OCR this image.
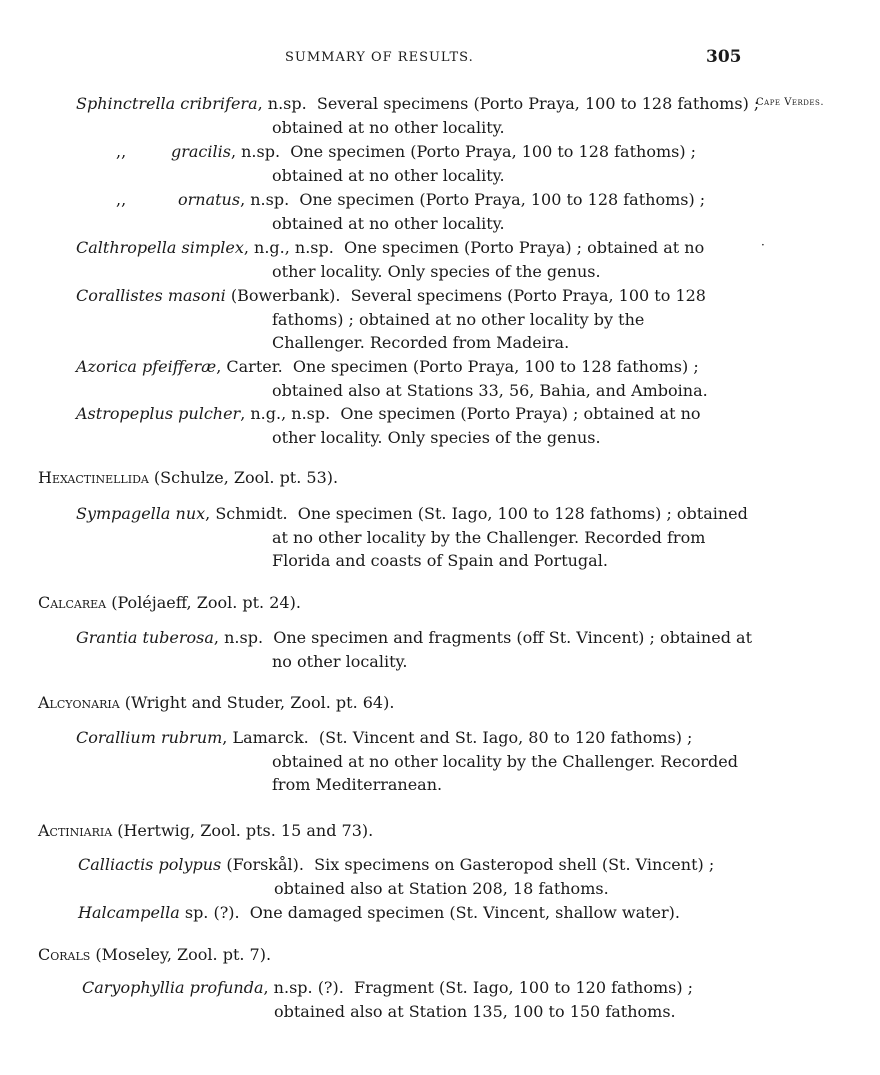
SUMMARY OF RESULTS.	305
Cape Verdes.
·
Sphinctrella cribrifera, n.sp. Several specimens (Porto Praya, 100 to 128 fathoms) ;
obtained at no other locality.
,,	gracilis, n.sp. One specimen (Porto Praya, 100 to 128 fathoms) ;
obtained at no other locality.
,,	ornatus, n.sp. One specimen (Porto Praya, 100 to 128 fathoms) ;
obtained at no other locality.
Calthropella simplex, n.g., n.sp. One specimen (Porto Praya) ; obtained at no
other locality. Only species of the genus.
Corallistes masoni (Bowerbank). Several specimens (Porto Praya, 100 to 128
fathoms) ; obtained at no other locality by the Challenger. Recorded from Madeira.
Azorica pfeifferæ, Carter. One specimen (Porto Praya, 100 to 128 fathoms) ;
obtained also at Stations 33, 56, Bahia, and Amboina.
Astropeplus pulcher, n.g., n.sp. One specimen (Porto Praya) ; obtained at no
other locality. Only species of the genus.
Hexactinellida (Schulze, Zool. pt. 53).
Sympagella nux, Schmidt. One specimen (St. Iago, 100 to 128 fathoms) ; obtained
at no other locality by the Challenger. Recorded from Florida and coasts of Spain and Portugal.
Calcarea (Poléjaeff, Zool. pt. 24).
Grantia tuberosa, n.sp. One specimen and fragments (off St. Vincent) ; obtained at
no other locality.
Alcyonaria (Wright and Studer, Zool. pt. 64).
Corallium rubrum, Lamarck. (St. Vincent and St. Iago, 80 to 120 fathoms) ;
obtained at no other locality by the Challenger. Recorded from Mediterranean.
Actiniaria (Hertwig, Zool. pts. 15 and 73).
Calliactis polypus (Forskål). Six specimens on Gasteropod shell (St. Vincent) ;
obtained also at Station 208, 18 fathoms.
Halcampella sp. (?). One damaged specimen (St. Vincent, shallow water).
Corals (Moseley, Zool. pt. 7).
Caryophyllia profunda, n.sp. (?). Fragment (St. Iago, 100 to 120 fathoms) ;
obtained also at Station 135, 100 to 150 fathoms.
